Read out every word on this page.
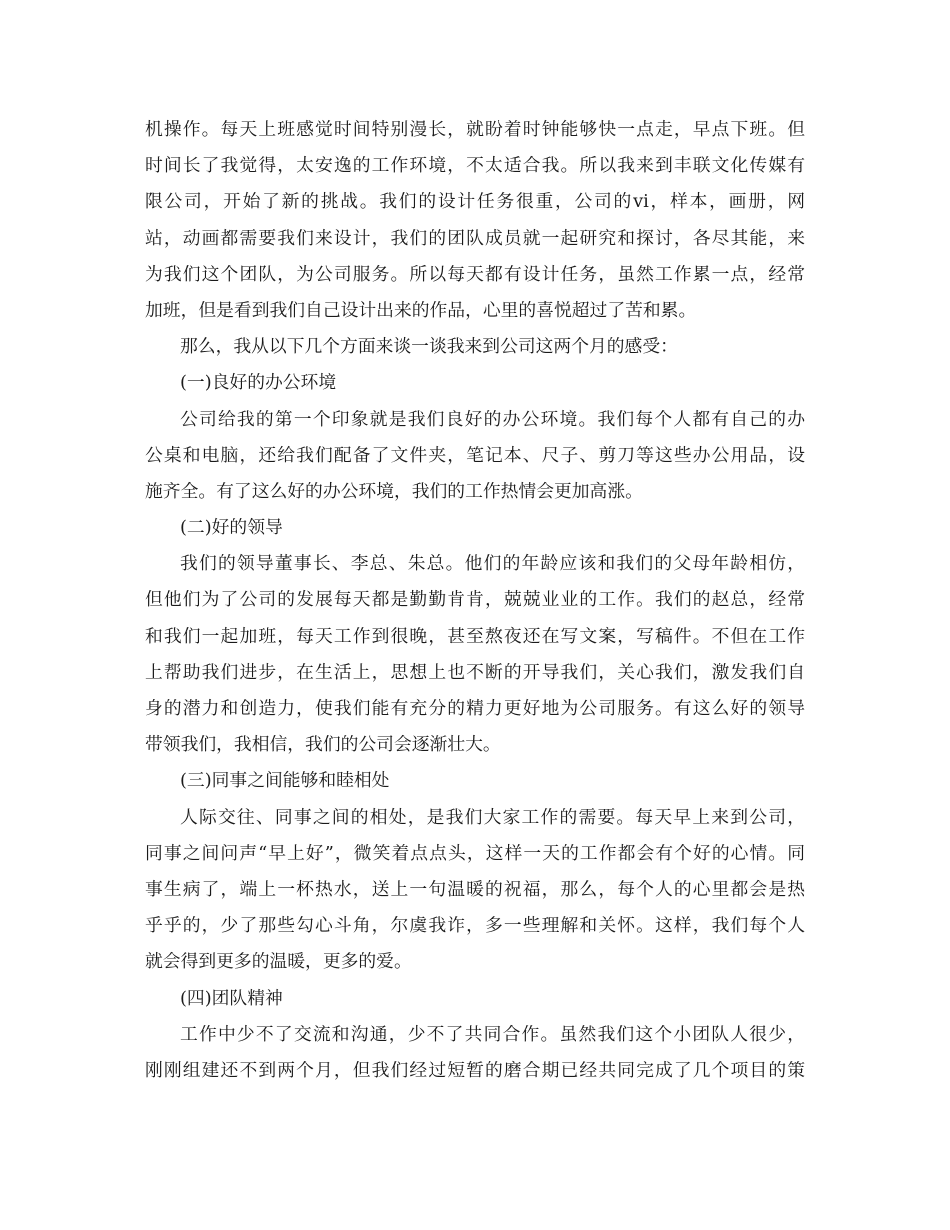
机操作。每天上班感觉时间特别漫长，就盼着时钟能够快一点走，早点下班。但
时间长了我觉得，太安逸的工作环境，不太适合我。所以我来到丰联文化传媒有
限公司，开始了新的挑战。我们的设计任务很重，公司的vi，样本，画册，网
站，动画都需要我们来设计，我们的团队成员就一起研究和探讨，各尽其能，来
为我们这个团队，为公司服务。所以每天都有设计任务，虽然工作累一点，经常
加班，但是看到我们自己设计出来的作品，心里的喜悦超过了苦和累。
那么，我从以下几个方面来谈一谈我来到公司这两个月的感受：
(一)良好的办公环境
公司给我的第一个印象就是我们良好的办公环境。我们每个人都有自己的办
公桌和电脑，还给我们配备了文件夹，笔记本、尺子、剪刀等这些办公用品，设
施齐全。有了这么好的办公环境，我们的工作热情会更加高涨。
(二)好的领导
我们的领导董事长、李总、朱总。他们的年龄应该和我们的父母年龄相仿，
但他们为了公司的发展每天都是勤勤肯肯，兢兢业业的工作。我们的赵总，经常
和我们一起加班，每天工作到很晚，甚至熬夜还在写文案，写稿件。不但在工作
上帮助我们进步，在生活上，思想上也不断的开导我们，关心我们，激发我们自
身的潜力和创造力，使我们能有充分的精力更好地为公司服务。有这么好的领导
带领我们，我相信，我们的公司会逐渐壮大。
(三)同事之间能够和睦相处
人际交往、同事之间的相处，是我们大家工作的需要。每天早上来到公司，
同事之间问声“早上好”，微笑着点点头，这样一天的工作都会有个好的心情。同
事生病了，端上一杯热水，送上一句温暖的祝福，那么，每个人的心里都会是热
乎乎的，少了那些勾心斗角，尔虞我诈，多一些理解和关怀。这样，我们每个人
就会得到更多的温暖，更多的爱。
(四)团队精神
工作中少不了交流和沟通，少不了共同合作。虽然我们这个小团队人很少，
刚刚组建还不到两个月，但我们经过短暂的磨合期已经共同完成了几个项目的策
